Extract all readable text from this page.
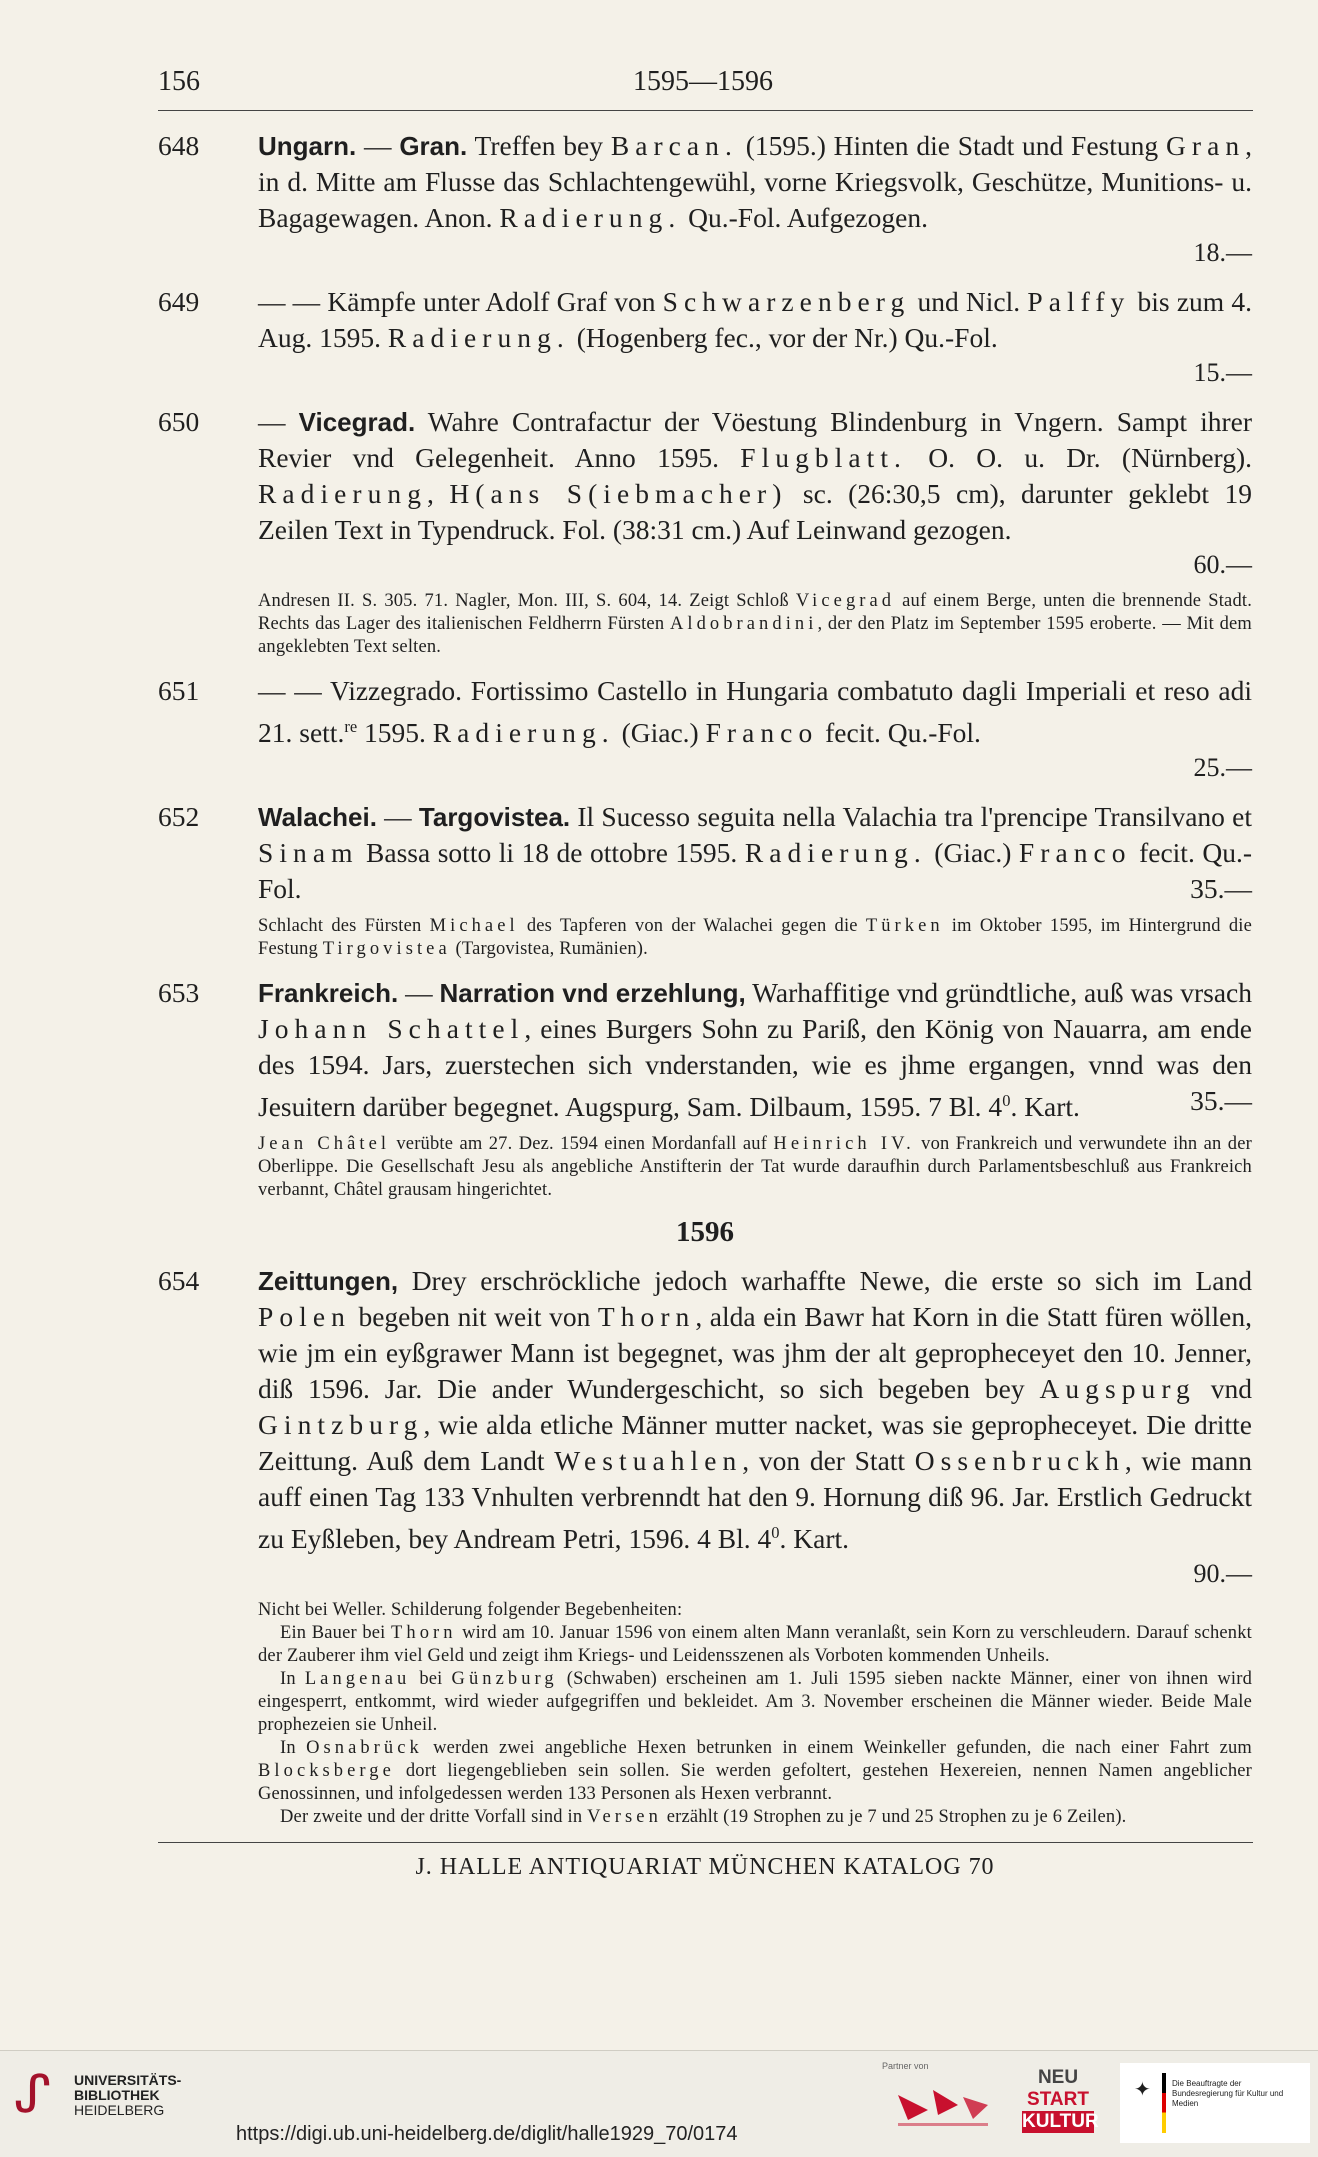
156	1595—1596
648	Ungarn. — Gran. Treffen bey Barcan. (1595.) Hinten die Stadt und Festung Gran, in d. Mitte am Flusse das Schlachtengewühl, vorne Kriegsvolk, Geschütze, Munitions- u. Bagagewagen. Anon. Radierung. Qu.-Fol. Aufgezogen.
18.—
649	— — Kämpfe unter Adolf Graf von Schwarzenberg und Nicl. Palffy bis zum 4. Aug. 1595. Radierung. (Hogenberg fec., vor der Nr.) Qu.-Fol.
15.—
650	— Vicegrad. Wahre Contrafactur der Vöestung Blindenburg in Vngern. Sampt ihrer Revier vnd Gelegenheit. Anno 1595. Flugblatt. O. O. u. Dr. (Nürnberg). Radierung, H(ans S(iebmacher) sc. (26:30,5 cm), darunter geklebt 19 Zeilen Text in Typendruck. Fol. (38:31 cm.) Auf Leinwand gezogen.
60.—

Andresen II. S. 305. 71. Nagler, Mon. III, S. 604, 14. Zeigt Schloß Vicegrad auf einem Berge, unten die brennende Stadt. Rechts das Lager des italienischen Feldherrn Fürsten Aldobrandini, der den Platz im September 1595 eroberte. — Mit dem angeklebten Text selten.

651	— — Vizzegrado. Fortissimo Castello in Hungaria combatuto dagli Imperiali et reso adi 21. sett.$^{re}$ 1595. Radierung. (Giac.) Franco fecit. Qu.-Fol.
25.—
652	Walachei. — Targovistea. Il Sucesso seguita nella Valachia tra l'prencipe Transilvano et Sinam Bassa sotto li 18 de ottobre 1595. Radierung. (Giac.) Franco fecit. Qu.-Fol.	35.—

Schlacht des Fürsten Michael des Tapferen von der Walachei gegen die Türken im Oktober 1595, im Hintergrund die Festung Tirgovistea (Targovistea, Rumänien).

653	Frankreich. — Narration vnd erzehlung, Warhaffitige vnd gründtliche, auß was vrsach Johann Schattel, eines Burgers Sohn zu Pariß, den König von Nauarra, am ende des 1594. Jars, zuerstechen sich vnderstanden, wie es jhme ergangen, vnnd was den Jesuitern darüber begegnet. Augspurg, Sam. Dilbaum, 1595. 7 Bl. $4^0$. Kart.	35.—

Jean Châtel verübte am 27. Dez. 1594 einen Mordanfall auf Heinrich IV. von Frankreich und verwundete ihn an der Oberlippe. Die Gesellschaft Jesu als angebliche Anstifterin der Tat wurde daraufhin durch Parlamentsbeschluß aus Frankreich verbannt, Châtel grausam hingerichtet.

1596
654	Zeittungen, Drey erschröckliche jedoch warhaffte Newe, die erste so sich im Land Polen begeben nit weit von Thorn, alda ein Bawr hat Korn in die Statt füren wöllen, wie jm ein eyßgrawer Mann ist begegnet, was jhm der alt geprophеceyet den 10. Jenner, diß 1596. Jar. Die ander Wundergeschicht, so sich begeben bey Augspurg vnd Gintzburg, wie alda etliche Männer mutter nacket, was sie geprophеceyet. Die dritte Zeittung. Auß dem Landt Westuahlen, von der Statt Ossenbruckh, wie mann auff einen Tag 133 Vnhulten verbrenndt hat den 9. Hornung diß 96. Jar. Erstlich Gedruckt zu Eyßleben, bey Andream Petri, 1596. 4 Bl. $4^0$. Kart.
90.—

Nicht bei Weller. Schilderung folgender Begebenheiten:

Ein Bauer bei Thorn wird am 10. Januar 1596 von einem alten Mann veranlaßt, sein Korn zu verschleudern. Darauf schenkt der Zauberer ihm viel Geld und zeigt ihm Kriegs- und Leidensszenen als Vorboten kommenden Unheils.

In Langenau bei Günzburg (Schwaben) erscheinen am 1. Juli 1595 sieben nackte Männer, einer von ihnen wird eingesperrt, entkommt, wird wieder aufgegriffen und bekleidet. Am 3. November erscheinen die Männer wieder. Beide Male prophezeien sie Unheil.

In Osnabrück werden zwei angebliche Hexen betrunken in einem Weinkeller gefunden, die nach einer Fahrt zum Blocksberge dort liegengeblieben sein sollen. Sie werden gefoltert, gestehen Hexereien, nennen Namen angeblicher Genossinnen, und infolgedessen werden 133 Personen als Hexen verbrannt.

Der zweite und der dritte Vorfall sind in Versen erzählt (19 Strophen zu je 7 und 25 Strophen zu je 6 Zeilen).

J. HALLE ANTIQUARIAT MÜNCHEN KATALOG 70
ᔑ	UNIVERSITÄTS-
BIBLIOTHEK
HEIDELBERG
https://digi.ub.uni-heidelberg.de/diglit/halle1929_70/0174
Partner von
NEU
START
KULTUR
✦	Die Beauftragte der Bundesregierung für Kultur und Medien
